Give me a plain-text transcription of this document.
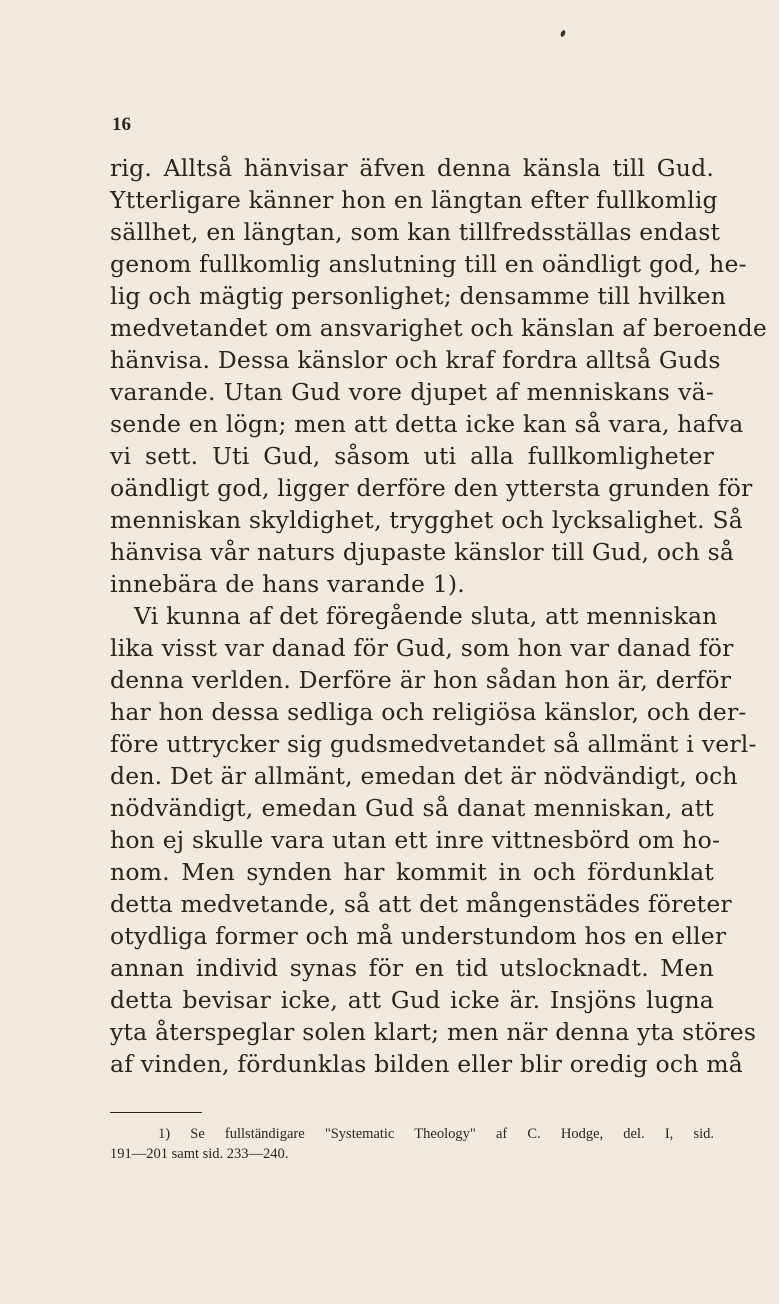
16
rig. Alltså hänvisar äfven denna känsla till Gud.
Ytterligare känner hon en längtan efter fullkomlig
sällhet, en längtan, som kan tillfredsställas endast
genom fullkomlig anslutning till en oändligt god, he-
lig och mägtig personlighet; densamme till hvilken
medvetandet om ansvarighet och känslan af beroende
hänvisa. Dessa känslor och kraf fordra alltså Guds
varande. Utan Gud vore djupet af menniskans vä-
sende en lögn; men att detta icke kan så vara, hafva
vi sett. Uti Gud, såsom uti alla fullkomligheter
oändligt god, ligger derföre den yttersta grunden för
menniskan skyldighet, trygghet och lycksalighet. Så
hänvisa vår naturs djupaste känslor till Gud, och så
innebära de hans varande 1).
Vi kunna af det föregående sluta, att menniskan
lika visst var danad för Gud, som hon var danad för
denna verlden. Derföre är hon sådan hon är, derför
har hon dessa sedliga och religiösa känslor, och der-
före uttrycker sig gudsmedvetandet så allmänt i verl-
den. Det är allmänt, emedan det är nödvändigt, och
nödvändigt, emedan Gud så danat menniskan, att
hon ej skulle vara utan ett inre vittnesbörd om ho-
nom. Men synden har kommit in och fördunklat
detta medvetande, så att det mångenstädes företer
otydliga former och må understundom hos en eller
annan individ synas för en tid utslocknadt. Men
detta bevisar icke, att Gud icke är. Insjöns lugna
yta återspeglar solen klart; men när denna yta störes
af vinden, fördunklas bilden eller blir oredig och må
1) Se fullständigare "Systematic Theology" af C. Hodge, del. I, sid.
191—201 samt sid. 233—240.
